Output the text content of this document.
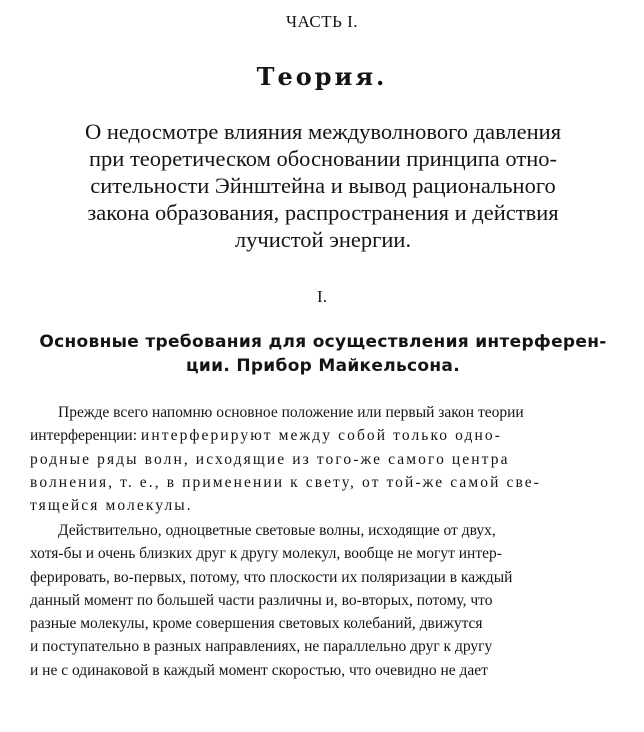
ЧАСТЬ I.
Теория.
О недосмотре влияния междуволнового давления
при теоретическом обосновании принципа отно-
сительности Эйнштейна и вывод рационального
закона образования, распространения и действия
лучистой энергии.
I.
Основные требования для осуществления интерферен-
ции. Прибор Майкельсона.
Прежде всего напомню основное положение или первый закон теории
интерференции: интерферируют между собой только одно-
родные ряды волн, исходящие из того-же самого центра
волнения, т. е., в применении к свету, от той-же самой све-
тящейся молекулы.
Действительно, одноцветные световые волны, исходящие от двух,
хотя-бы и очень близких друг к другу молекул, вообще не могут интер-
ферировать, во-первых, потому, что плоскости их поляризации в каждый
данный момент по большей части различны и, во-вторых, потому, что
разные молекулы, кроме совершения световых колебаний, движутся
и поступательно в разных направлениях, не параллельно друг к другу
и не с одинаковой в каждый момент скоростью, что очевидно не дает
